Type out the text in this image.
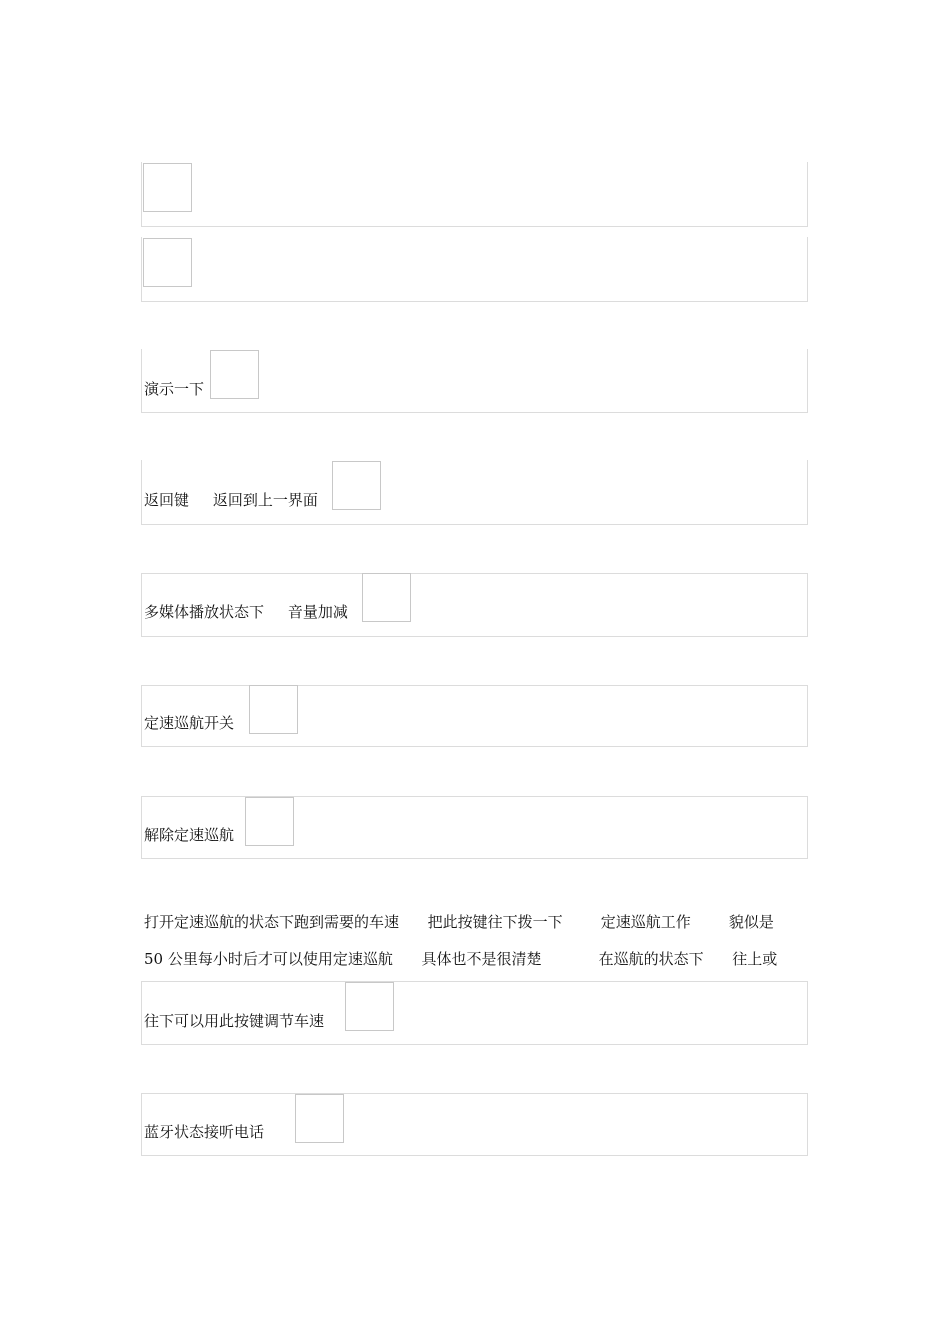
演示一下
返回键     返回到上一界面
多媒体播放状态下     音量加减
定速巡航开关
解除定速巡航
打开定速巡航的状态下跑到需要的车速      把此按键往下拨一下        定速巡航工作        貌似是
50 公里每小时后才可以使用定速巡航      具体也不是很清楚            在巡航的状态下      往上或
往下可以用此按键调节车速
蓝牙状态接听电话
